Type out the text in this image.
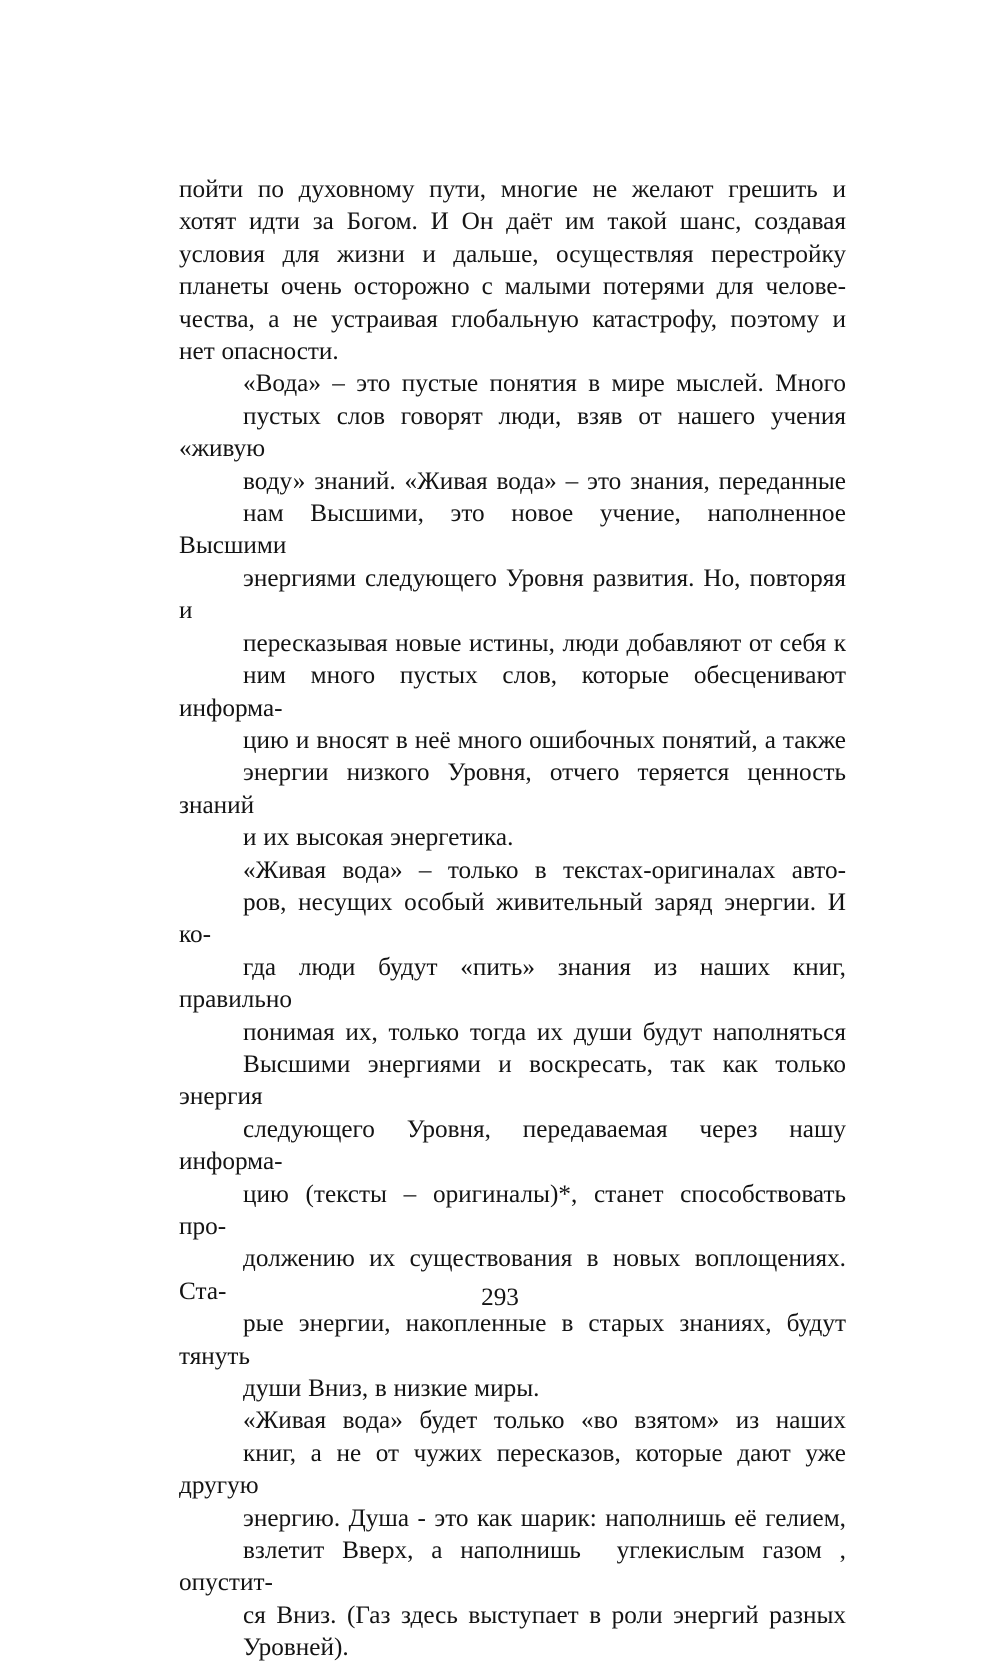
пойти по духовному пути, многие не желают грешить и
хотят идти за Богом. И Он даёт им такой шанс, создавая
условия для жизни и дальше, осуществляя перестройку
планеты очень осторожно с малыми потерями для челове-
чества, а не устраивая глобальную катастрофу, поэтому и
нет опасности.

«Вода» – это пустые понятия в мире мыслей. Много
пустых слов говорят люди, взяв от нашего учения «живую
воду» знаний. «Живая вода» – это знания, переданные
нам Высшими, это новое учение, наполненное Высшими
энергиями следующего Уровня развития. Но, повторяя и
пересказывая новые истины, люди добавляют от себя к
ним много пустых слов, которые обесценивают информа-
цию и вносят в неё много ошибочных понятий, а также
энергии низкого Уровня, отчего теряется ценность знаний
и их высокая энергетика.

«Живая вода» – только в текстах-оригиналах авто-
ров, несущих особый живительный заряд энергии. И ко-
гда люди будут «пить» знания из наших книг, правильно
понимая их, только тогда их души будут наполняться
Высшими энергиями и воскресать, так как только энергия
следующего Уровня, передаваемая через нашу информа-
цию (тексты – оригиналы)*, станет способствовать про-
должению их существования в новых воплощениях. Ста-
рые энергии, накопленные в старых знаниях, будут тянуть
души Вниз, в низкие миры.

«Живая вода» будет только «во взятом» из наших
книг, а не от чужих пересказов, которые дают уже другую
энергию. Душа - это как шарик: наполнишь её гелием,
взлетит Вверх, а наполнишь  углекислым газом , опустит-
ся Вниз. (Газ здесь выступает в роли энергий разных
Уровней).

293
